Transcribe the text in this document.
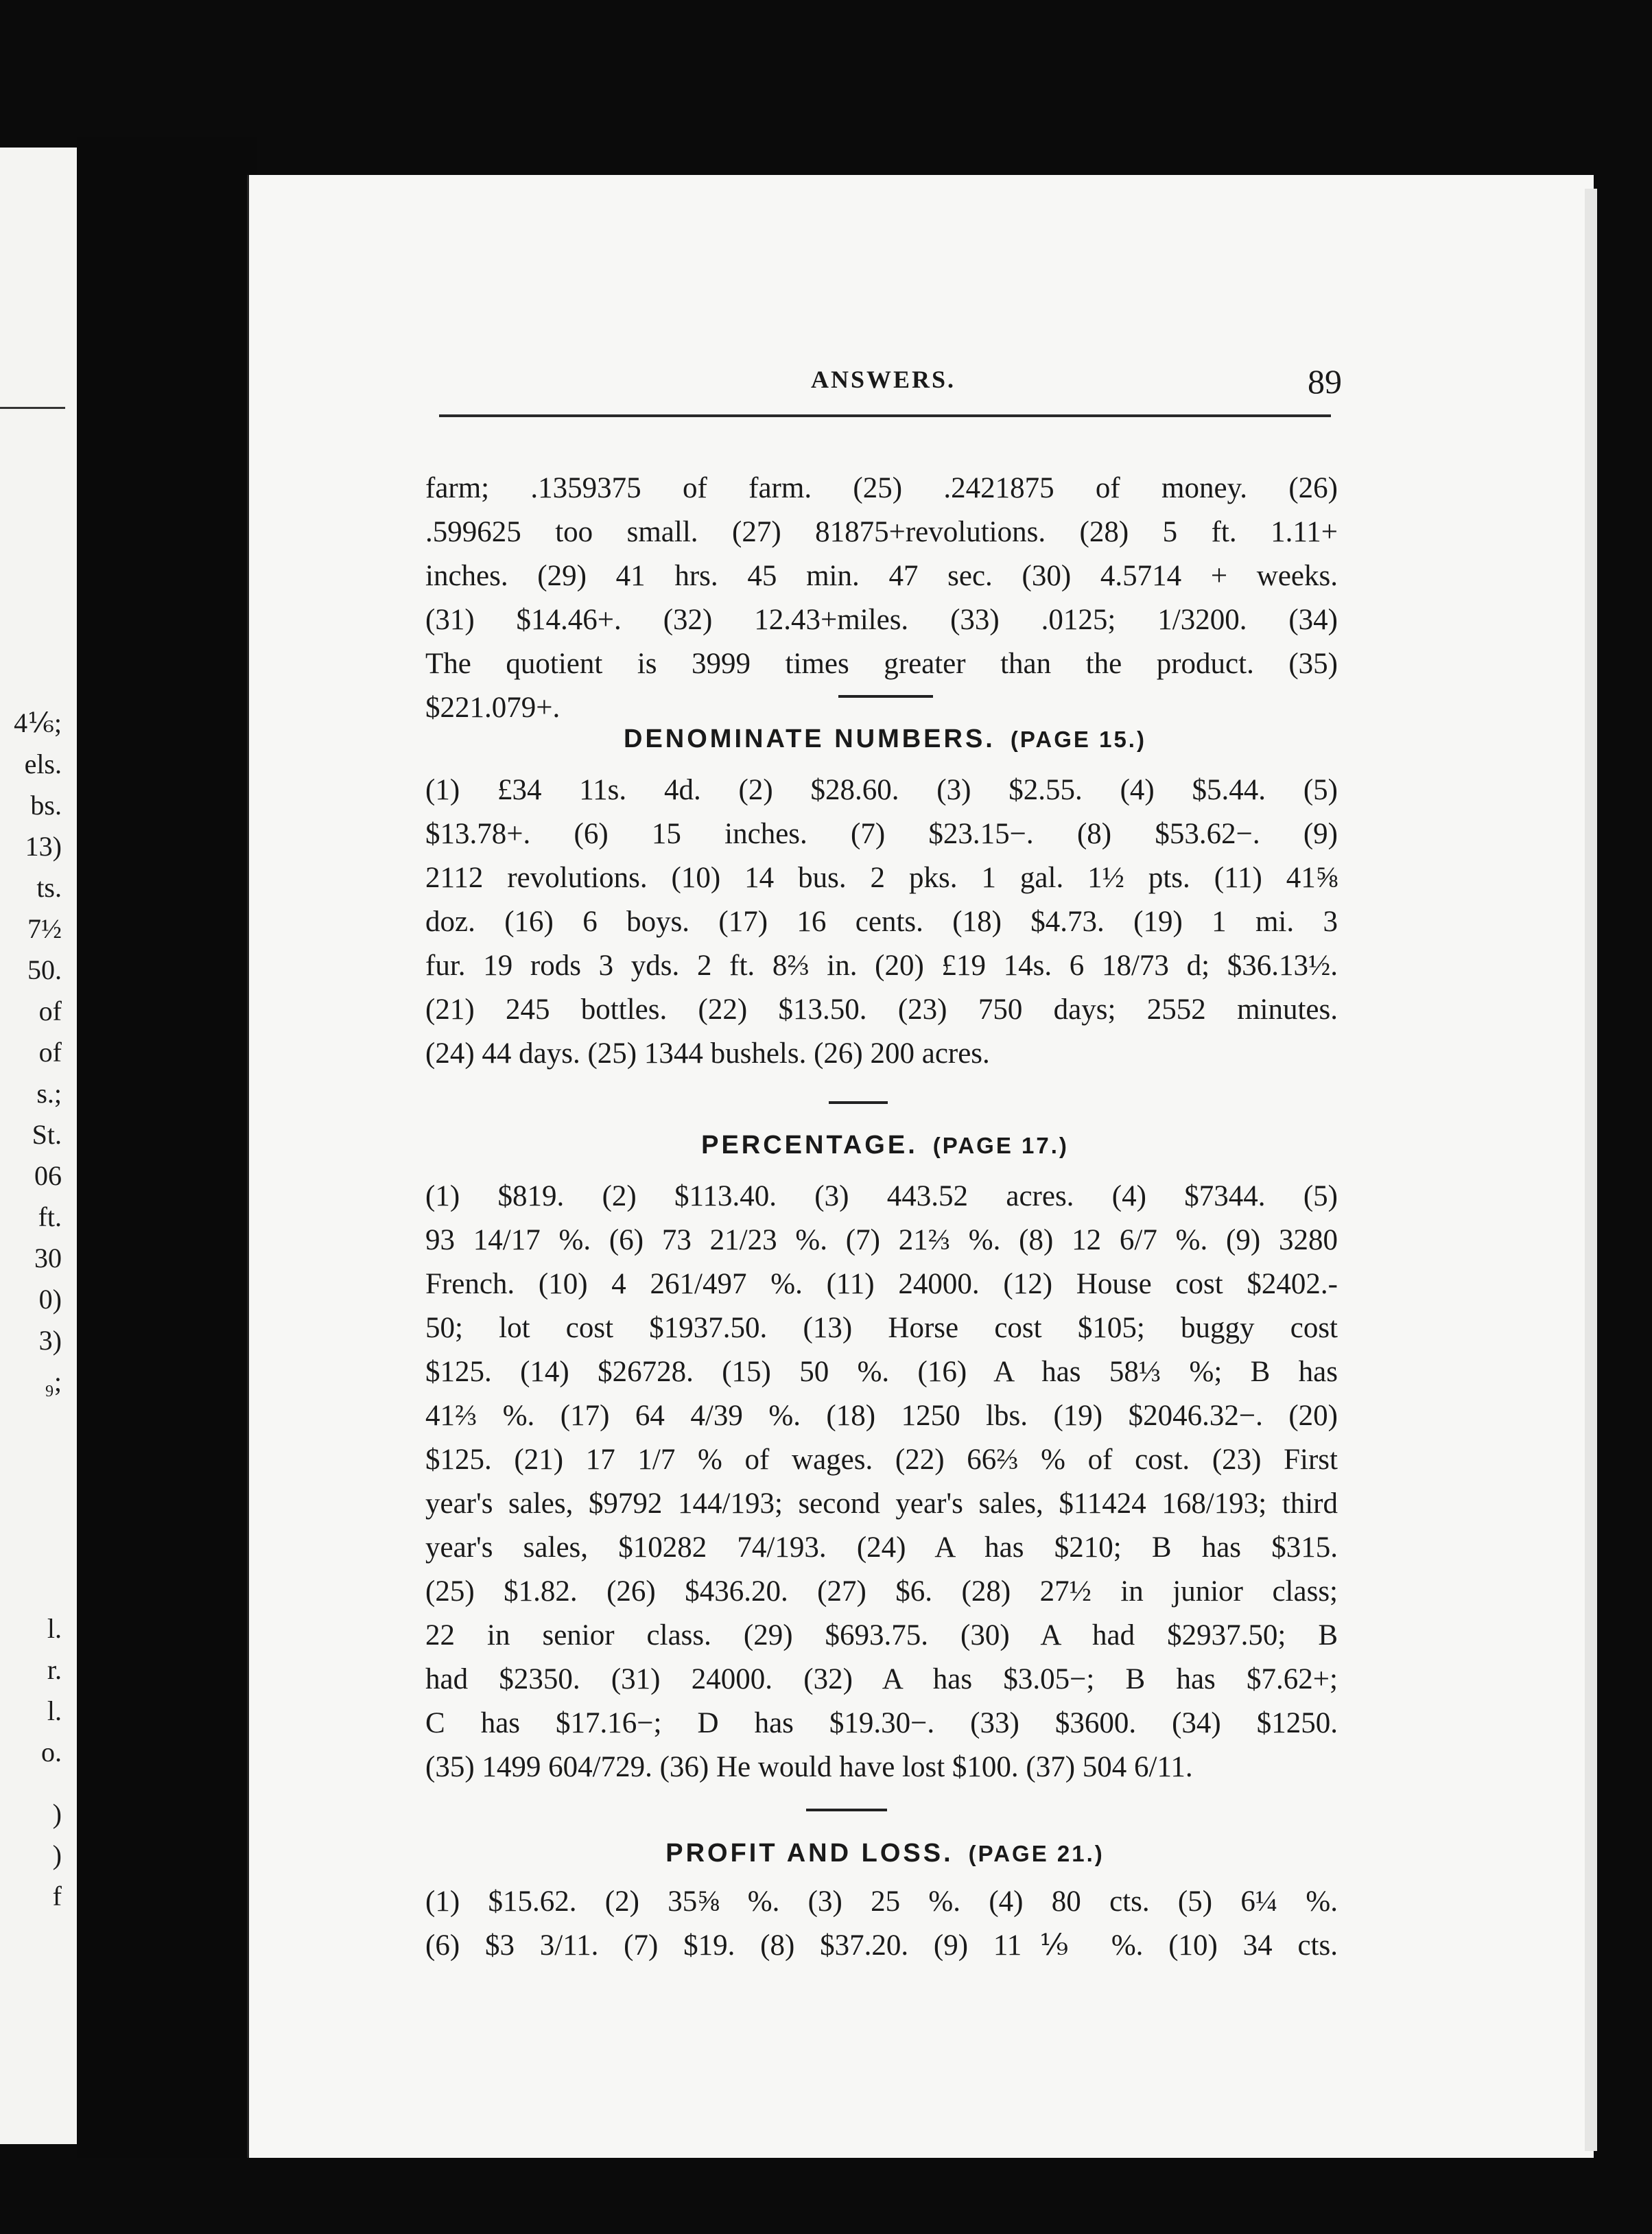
4⅙;
els.
bs.
13)
ts.
7½
50.
of
of
s.;
St.
06
ft.
30
0)
3)
₉;
l.
r.
l.
o.
)
)
f
ANSWERS.	89
farm; .1359375 of farm. (25) .2421875 of money. (26)
.599625 too small. (27) 81875+revolutions. (28) 5 ft. 1.11+
inches. (29) 41 hrs. 45 min. 47 sec. (30) 4.5714 + weeks.
(31) $14.46+. (32) 12.43+miles. (33) .0125; 1/3200. (34)
The quotient is 3999 times greater than the product. (35)
$221.079+.
DENOMINATE NUMBERS. (PAGE 15.)
(1) £34 11s. 4d. (2) $28.60. (3) $2.55. (4) $5.44. (5)
$13.78+. (6) 15 inches. (7) $23.15−. (8) $53.62−. (9)
2112 revolutions. (10) 14 bus. 2 pks. 1 gal. 1½ pts. (11) 41⅝
doz. (16) 6 boys. (17) 16 cents. (18) $4.73. (19) 1 mi. 3
fur. 19 rods 3 yds. 2 ft. 8⅔ in. (20) £19 14s. 6 18/73 d; $36.13½.
(21) 245 bottles. (22) $13.50. (23) 750 days; 2552 minutes.
(24) 44 days. (25) 1344 bushels. (26) 200 acres.
PERCENTAGE. (PAGE 17.)
(1) $819. (2) $113.40. (3) 443.52 acres. (4) $7344. (5)
93 14/17 %. (6) 73 21/23 %. (7) 21⅔ %. (8) 12 6/7 %. (9) 3280
French. (10) 4 261/497 %. (11) 24000. (12) House cost $2402.-
50; lot cost $1937.50. (13) Horse cost $105; buggy cost
$125. (14) $26728. (15) 50 %. (16) A has 58⅓ %; B has
41⅔ %. (17) 64 4/39 %. (18) 1250 lbs. (19) $2046.32−. (20)
$125. (21) 17 1/7 % of wages. (22) 66⅔ % of cost. (23) First
year's sales, $9792 144/193; second year's sales, $11424 168/193; third
year's sales, $10282 74/193. (24) A has $210; B has $315.
(25) $1.82. (26) $436.20. (27) $6. (28) 27½ in junior class;
22 in senior class. (29) $693.75. (30) A had $2937.50; B
had $2350. (31) 24000. (32) A has $3.05−; B has $7.62+;
C has $17.16−; D has $19.30−. (33) $3600. (34) $1250.
(35) 1499 604/729. (36) He would have lost $100. (37) 504 6/11.
PROFIT AND LOSS. (PAGE 21.)
(1) $15.62. (2) 35⅝ %. (3) 25 %. (4) 80 cts. (5) 6¼ %.
(6) $3 3/11. (7) $19. (8) $37.20. (9) 11⅑ %. (10) 34 cts.
